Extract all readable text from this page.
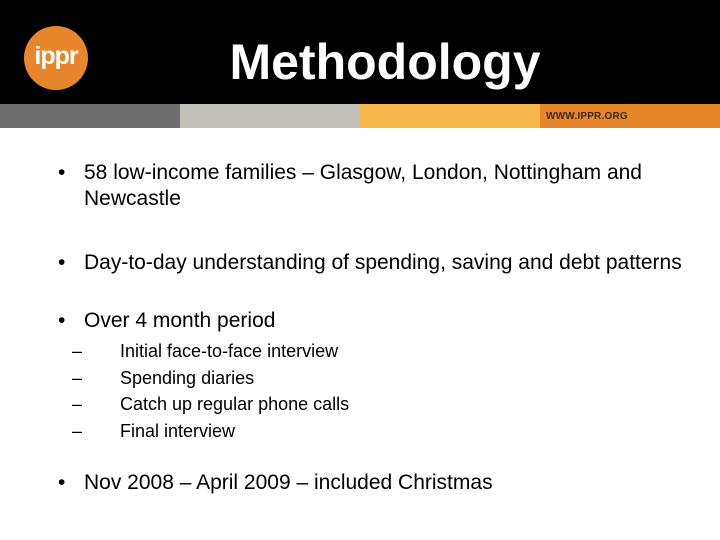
ippr	Methodology
WWW.IPPR.ORG
• 58 low-income families – Glasgow, London, Nottingham and Newcastle
• Day-to-day understanding of spending, saving and debt patterns
• Over 4 month period
– Initial face-to-face interview
– Spending diaries
– Catch up regular phone calls
– Final interview
• Nov 2008 – April 2009 – included Christmas
